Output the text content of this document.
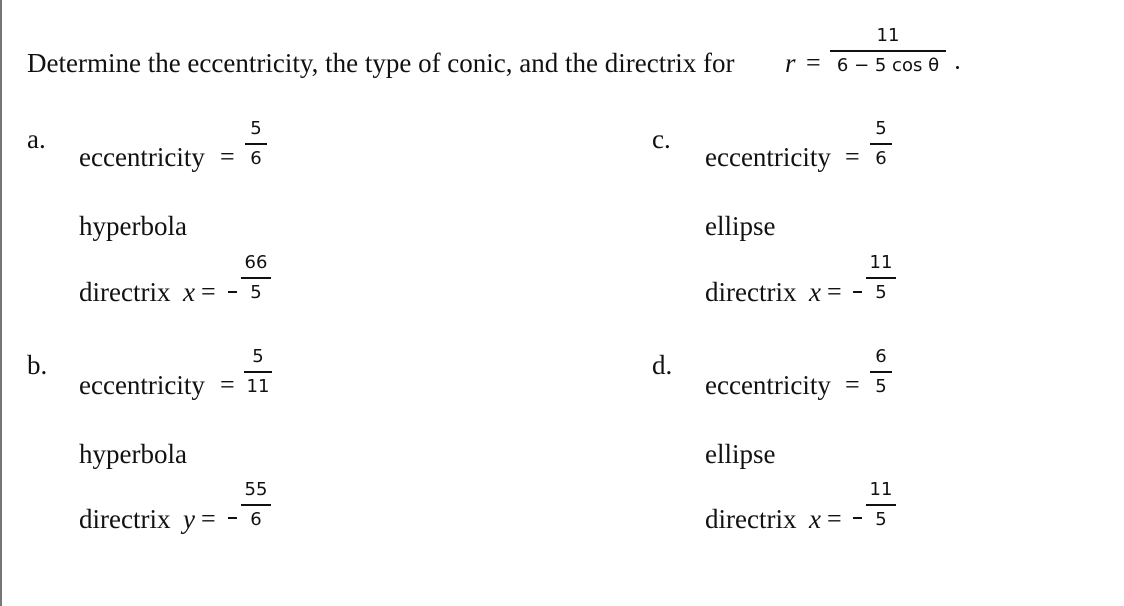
Determine the eccentricity, the type of conic, and the directrix for r =
11
6 − 5 cos θ
a.
eccentricity =
5
6
hyperbola
directrix x =
66
5
b.
eccentricity =
5
11
hyperbola
directrix y =
55
6
c.
eccentricity =
5
6
ellipse
directrix x =
11
5
d.
eccentricity =
6
5
ellipse
directrix x =
11
5
